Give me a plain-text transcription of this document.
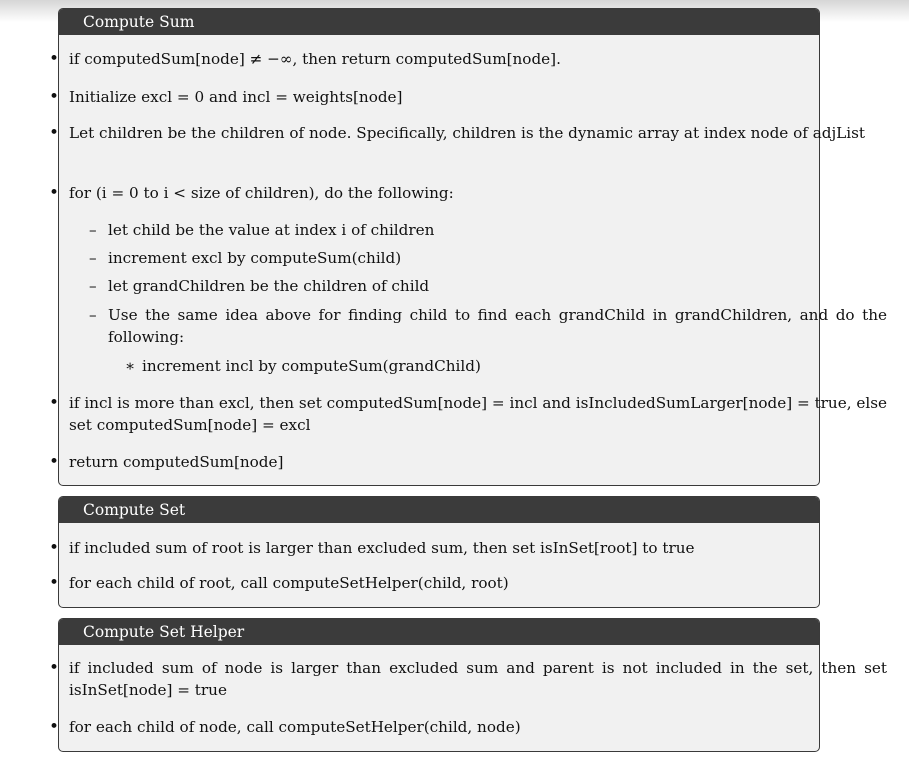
Compute Sum
• if computedSum[node] ≠ −∞, then return computedSum[node].
• Initialize excl = 0 and incl = weights[node]
• Let children be the children of node. Specifically, children is the dynamic array at index node of adjList
• for (i = 0 to i < size of children), do the following:
• if incl is more than excl, then set computedSum[node] = incl and isIncludedSumLarger[node] = true, else set computedSum[node] = excl
• return computedSum[node]
– let child be the value at index i of children
– increment excl by computeSum(child)
– let grandChildren be the children of child
– Use the same idea above for finding child to find each grandChild in grandChildren, and do the following:
∗ increment incl by computeSum(grandChild)
Compute Set
• if included sum of root is larger than excluded sum, then set isInSet[root] to true
• for each child of root, call computeSetHelper(child, root)
Compute Set Helper
• if included sum of node is larger than excluded sum and parent is not included in the set, then set isInSet[node] = true
• for each child of node, call computeSetHelper(child, node)
